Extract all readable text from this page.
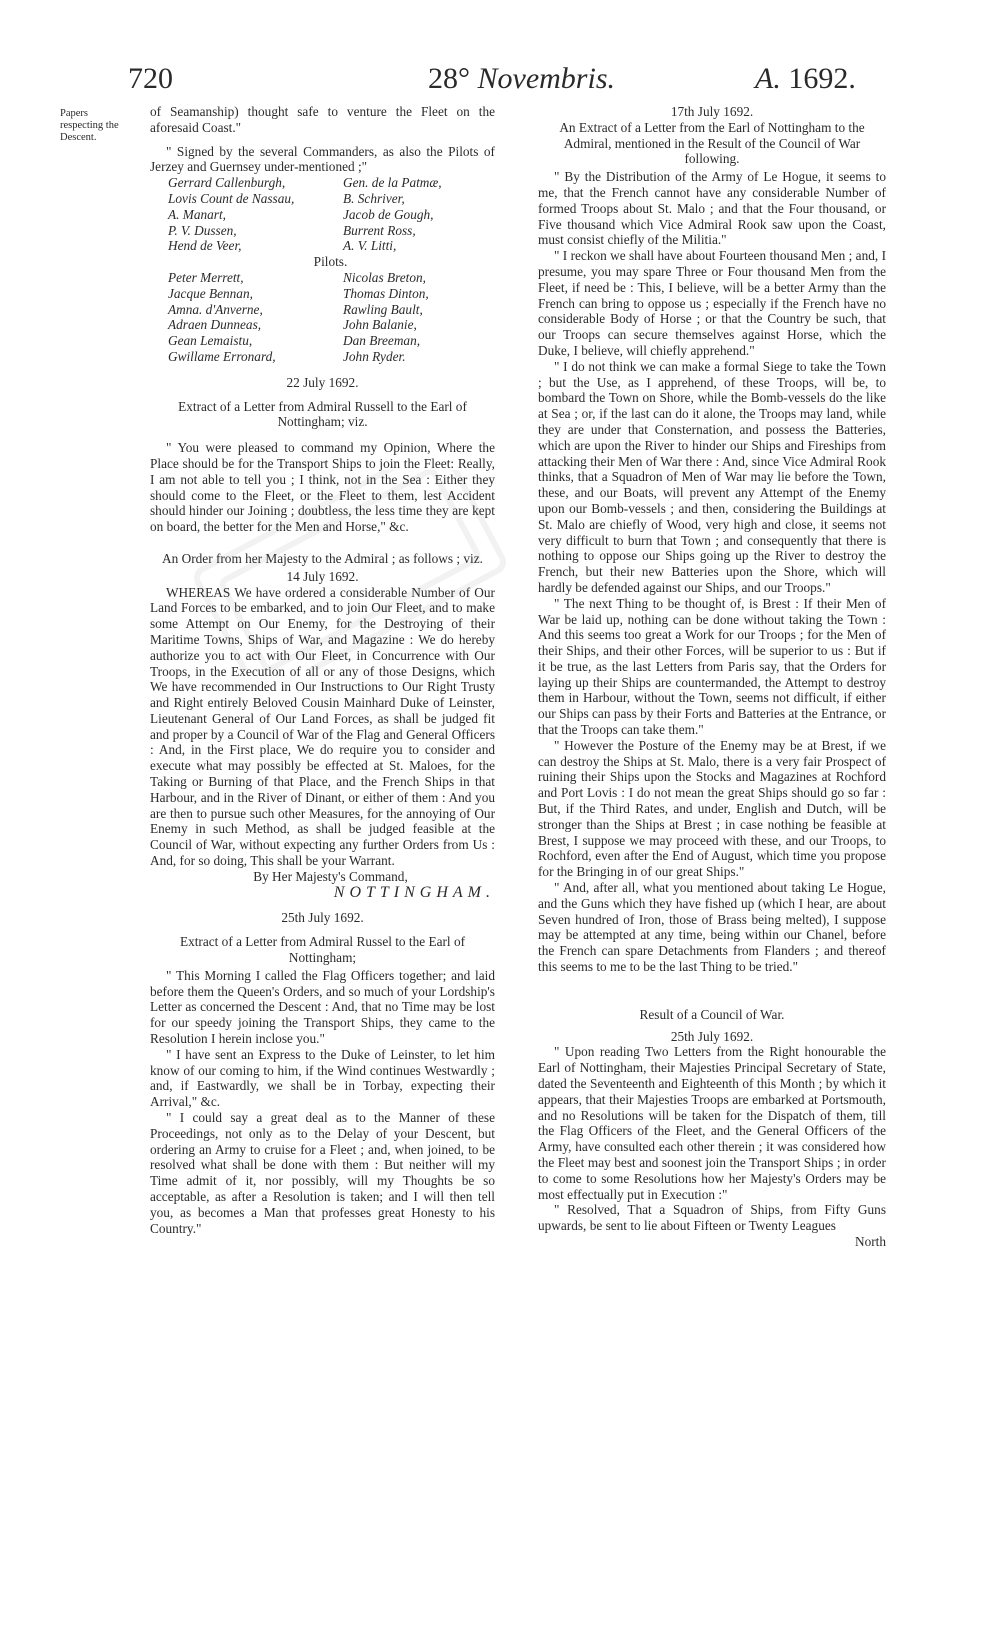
720	28° Novembris.	A. 1692.
Papers respecting the Descent.

of Seamanship) thought safe to venture the Fleet on the aforesaid Coast."

" Signed by the several Commanders, as also the Pilots of Jerzey and Guernsey under-mentioned ;"

Gerrard Callenburgh,	Gen. de la Patmæ,
Lovis Count de Nassau,	B. Schriver,
A. Manart,	Jacob de Gough,
P. V. Dussen,	Burrent Ross,
Hend de Veer,	A. V. Litti,

Pilots.

Peter Merrett,	Nicolas Breton,
Jacque Bennan,	Thomas Dinton,
Amna. d'Anverne,	Rawling Bault,
Adraen Dunneas,	John Balanie,
Gean Lemaistu,	Dan Breeman,
Gwillame Erronard,	John Ryder.

22 July 1692.

Extract of a Letter from Admiral Russell to the Earl of Nottingham; viz.

" You were pleased to command my Opinion, Where the Place should be for the Transport Ships to join the Fleet: Really, I am not able to tell you ; I think, not in the Sea : Either they should come to the Fleet, or the Fleet to them, lest Accident should hinder our Joining ; doubtless, the less time they are kept on board, the better for the Men and Horse," &c.

An Order from her Majesty to the Admiral ; as follows ; viz.

14 July 1692.

WHEREAS We have ordered a considerable Number of Our Land Forces to be embarked, and to join Our Fleet, and to make some Attempt on Our Enemy, for the Destroying of their Maritime Towns, Ships of War, and Magazine : We do hereby authorize you to act with Our Fleet, in Concurrence with Our Troops, in the Execution of all or any of those Designs, which We have recommended in Our Instructions to Our Right Trusty and Right entirely Beloved Cousin Mainhard Duke of Leinster, Lieutenant General of Our Land Forces, as shall be judged fit and proper by a Council of War of the Flag and General Officers : And, in the First place, We do require you to consider and execute what may possibly be effected at St. Maloes, for the Taking or Burning of that Place, and the French Ships in that Harbour, and in the River of Dinant, or either of them : And you are then to pursue such other Measures, for the annoying of Our Enemy in such Method, as shall be judged feasible at the Council of War, without expecting any further Orders from Us : And, for so doing, This shall be your Warrant.

By Her Majesty's Command,

NOTTINGHAM.

25th July 1692.

Extract of a Letter from Admiral Russel to the Earl of Nottingham;

" This Morning I called the Flag Officers together; and laid before them the Queen's Orders, and so much of your Lordship's Letter as concerned the Descent : And, that no Time may be lost for our speedy joining the Transport Ships, they came to the Resolution I herein inclose you."

" I have sent an Express to the Duke of Leinster, to let him know of our coming to him, if the Wind continues Westwardly ; and, if Eastwardly, we shall be in Torbay, expecting their Arrival," &c.

" I could say a great deal as to the Manner of these Proceedings, not only as to the Delay of your Descent, but ordering an Army to cruise for a Fleet ; and, when joined, to be resolved what shall be done with them : But neither will my Time admit of it, nor possibly, will my Thoughts be so acceptable, as after a Resolution is taken; and I will then tell you, as becomes a Man that professes great Honesty to his Country."

17th July 1692.

An Extract of a Letter from the Earl of Nottingham to the Admiral, mentioned in the Result of the Council of War following.

" By the Distribution of the Army of Le Hogue, it seems to me, that the French cannot have any considerable Number of formed Troops about St. Malo ; and that the Four thousand, or Five thousand which Vice Admiral Rook saw upon the Coast, must consist chiefly of the Militia."

" I reckon we shall have about Fourteen thousand Men ; and, I presume, you may spare Three or Four thousand Men from the Fleet, if need be : This, I believe, will be a better Army than the French can bring to oppose us ; especially if the French have no considerable Body of Horse ; or that the Country be such, that our Troops can secure themselves against Horse, which the Duke, I believe, will chiefly apprehend."

" I do not think we can make a formal Siege to take the Town ; but the Use, as I apprehend, of these Troops, will be, to bombard the Town on Shore, while the Bomb-vessels do the like at Sea ; or, if the last can do it alone, the Troops may land, while they are under that Consternation, and possess the Batteries, which are upon the River to hinder our Ships and Fireships from attacking their Men of War there : And, since Vice Admiral Rook thinks, that a Squadron of Men of War may lie before the Town, these, and our Boats, will prevent any Attempt of the Enemy upon our Bomb-vessels ; and then, considering the Buildings at St. Malo are chiefly of Wood, very high and close, it seems not very difficult to burn that Town ; and consequently that there is nothing to oppose our Ships going up the River to destroy the French, but their new Batteries upon the Shore, which will hardly be defended against our Ships, and our Troops."

" The next Thing to be thought of, is Brest : If their Men of War be laid up, nothing can be done without taking the Town : And this seems too great a Work for our Troops ; for the Men of their Ships, and their other Forces, will be superior to us : But if it be true, as the last Letters from Paris say, that the Orders for laying up their Ships are countermanded, the Attempt to destroy them in Harbour, without the Town, seems not difficult, if either our Ships can pass by their Forts and Batteries at the Entrance, or that the Troops can take them."

" However the Posture of the Enemy may be at Brest, if we can destroy the Ships at St. Malo, there is a very fair Prospect of ruining their Ships upon the Stocks and Magazines at Rochford and Port Lovis : I do not mean the great Ships should go so far : But, if the Third Rates, and under, English and Dutch, will be stronger than the Ships at Brest ; in case nothing be feasible at Brest, I suppose we may proceed with these, and our Troops, to Rochford, even after the End of August, which time you propose for the Bringing in of our great Ships."

" And, after all, what you mentioned about taking Le Hogue, and the Guns which they have fished up (which I hear, are about Seven hundred of Iron, those of Brass being melted), I suppose may be attempted at any time, being within our Chanel, before the French can spare Detachments from Flanders ; and thereof this seems to me to be the last Thing to be tried."

Result of a Council of War.

25th July 1692.

" Upon reading Two Letters from the Right honourable the Earl of Nottingham, their Majesties Principal Secretary of State, dated the Seventeenth and Eighteenth of this Month ; by which it appears, that their Majesties Troops are embarked at Portsmouth, and no Resolutions will be taken for the Dispatch of them, till the Flag Officers of the Fleet, and the General Officers of the Army, have consulted each other therein ; it was considered how the Fleet may best and soonest join the Transport Ships ; in order to come to some Resolutions how her Majesty's Orders may be most effectually put in Execution :"

" Resolved, That a Squadron of Ships, from Fifty Guns upwards, be sent to lie about Fifteen or Twenty Leagues

North
